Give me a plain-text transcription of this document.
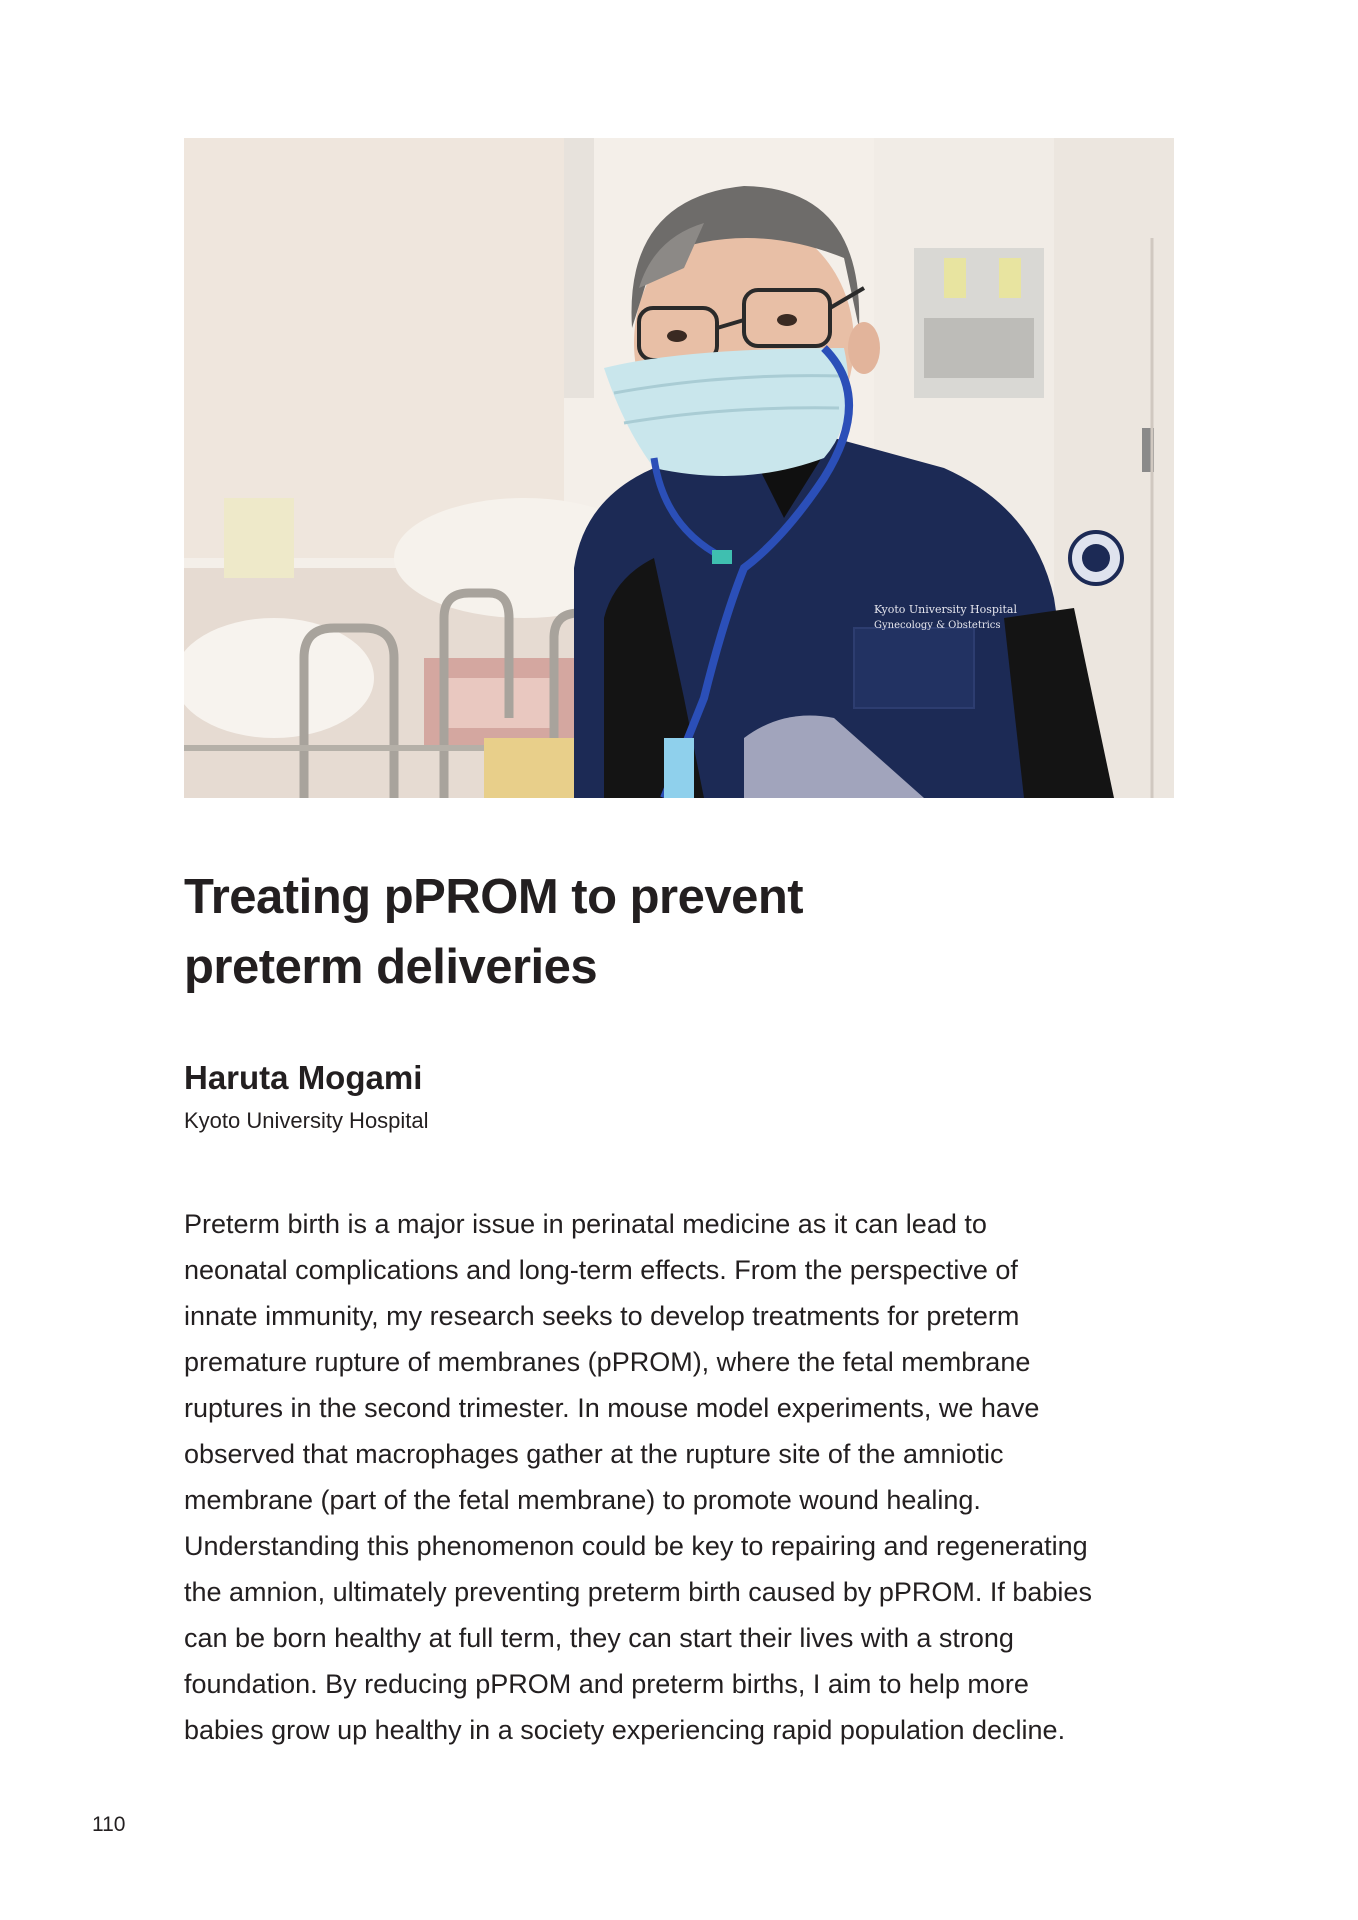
Kyoto University Hospital
Gynecology & Obstetrics
Treating pPROM to prevent
preterm deliveries
Haruta Mogami
Kyoto University Hospital
Preterm birth is a major issue in perinatal medicine as it can lead to
neonatal complications and long-term effects. From the perspective of
innate immunity, my research seeks to develop treatments for preterm
premature rupture of membranes (pPROM), where the fetal membrane
ruptures in the second trimester. In mouse model experiments, we have
observed that macrophages gather at the rupture site of the amniotic
membrane (part of the fetal membrane) to promote wound healing.
Understanding this phenomenon could be key to repairing and regenerating
the amnion, ultimately preventing preterm birth caused by pPROM. If babies
can be born healthy at full term, they can start their lives with a strong
foundation. By reducing pPROM and preterm births, I aim to help more
babies grow up healthy in a society experiencing rapid population decline.
110
